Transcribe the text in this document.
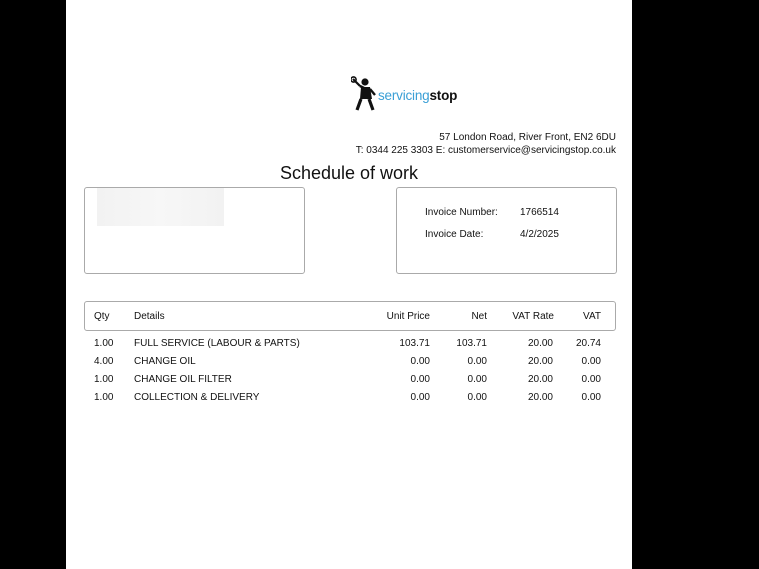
servicingstop
57 London Road, River Front, EN2 6DU
T: 0344 225 3303 E: customerservice@servicingstop.co.uk
Schedule of work
Invoice Number: 1766514
Invoice Date:	4/2/2025
Qty Details	Unit Price	Net	VAT Rate	VAT
1.00 FULL SERVICE (LABOUR & PARTS)	103.71	103.71	20.00 20.74
4.00 CHANGE OIL	0.00	0.00	20.00	0.00
1.00 CHANGE OIL FILTER	0.00	0.00	20.00	0.00
1.00 COLLECTION & DELIVERY	0.00	0.00	20.00	0.00
